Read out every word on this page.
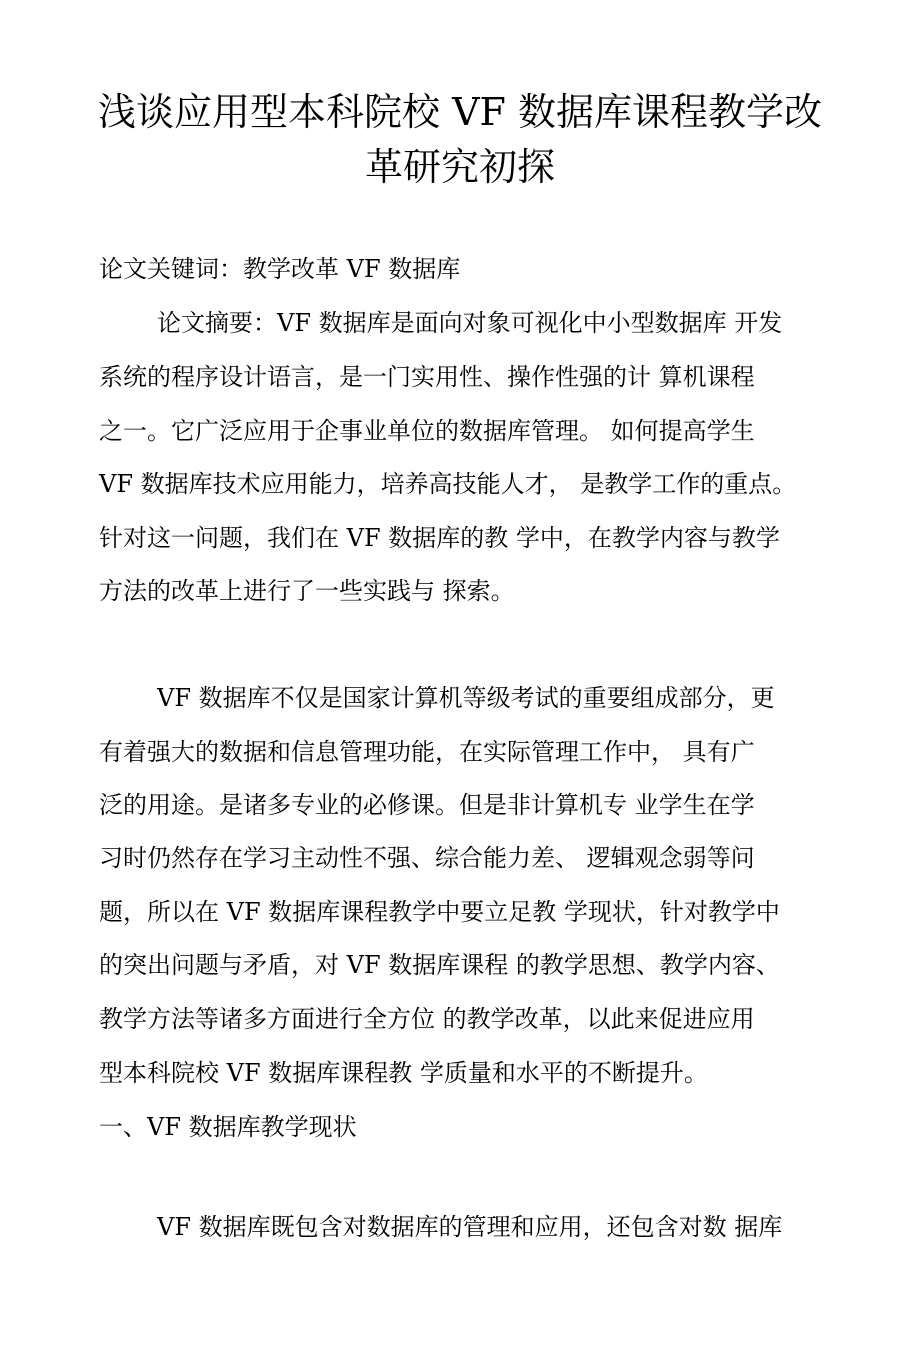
浅谈应用型本科院校 VF 数据库课程教学改
革研究初探

论文关键词：教学改革 VF 数据库

论文摘要：VF 数据库是面向对象可视化中小型数据库 开发

系统的程序设计语言，是一门实用性、操作性强的计 算机课程

之一。它广泛应用于企事业单位的数据库管理。 如何提高学生

VF 数据库技术应用能力，培养高技能人才， 是教学工作的重点。

针对这一问题，我们在 VF 数据库的教 学中，在教学内容与教学

方法的改革上进行了一些实践与 探索。

VF 数据库不仅是国家计算机等级考试的重要组成部分，更

有着强大的数据和信息管理功能，在实际管理工作中， 具有广

泛的用途。是诸多专业的必修课。但是非计算机专 业学生在学

习时仍然存在学习主动性不强、综合能力差、 逻辑观念弱等问

题，所以在 VF 数据库课程教学中要立足教 学现状，针对教学中

的突出问题与矛盾，对 VF 数据库课程 的教学思想、教学内容、

教学方法等诸多方面进行全方位 的教学改革，以此来促进应用

型本科院校 VF 数据库课程教 学质量和水平的不断提升。

一、VF 数据库教学现状

VF 数据库既包含对数据库的管理和应用，还包含对数 据库
